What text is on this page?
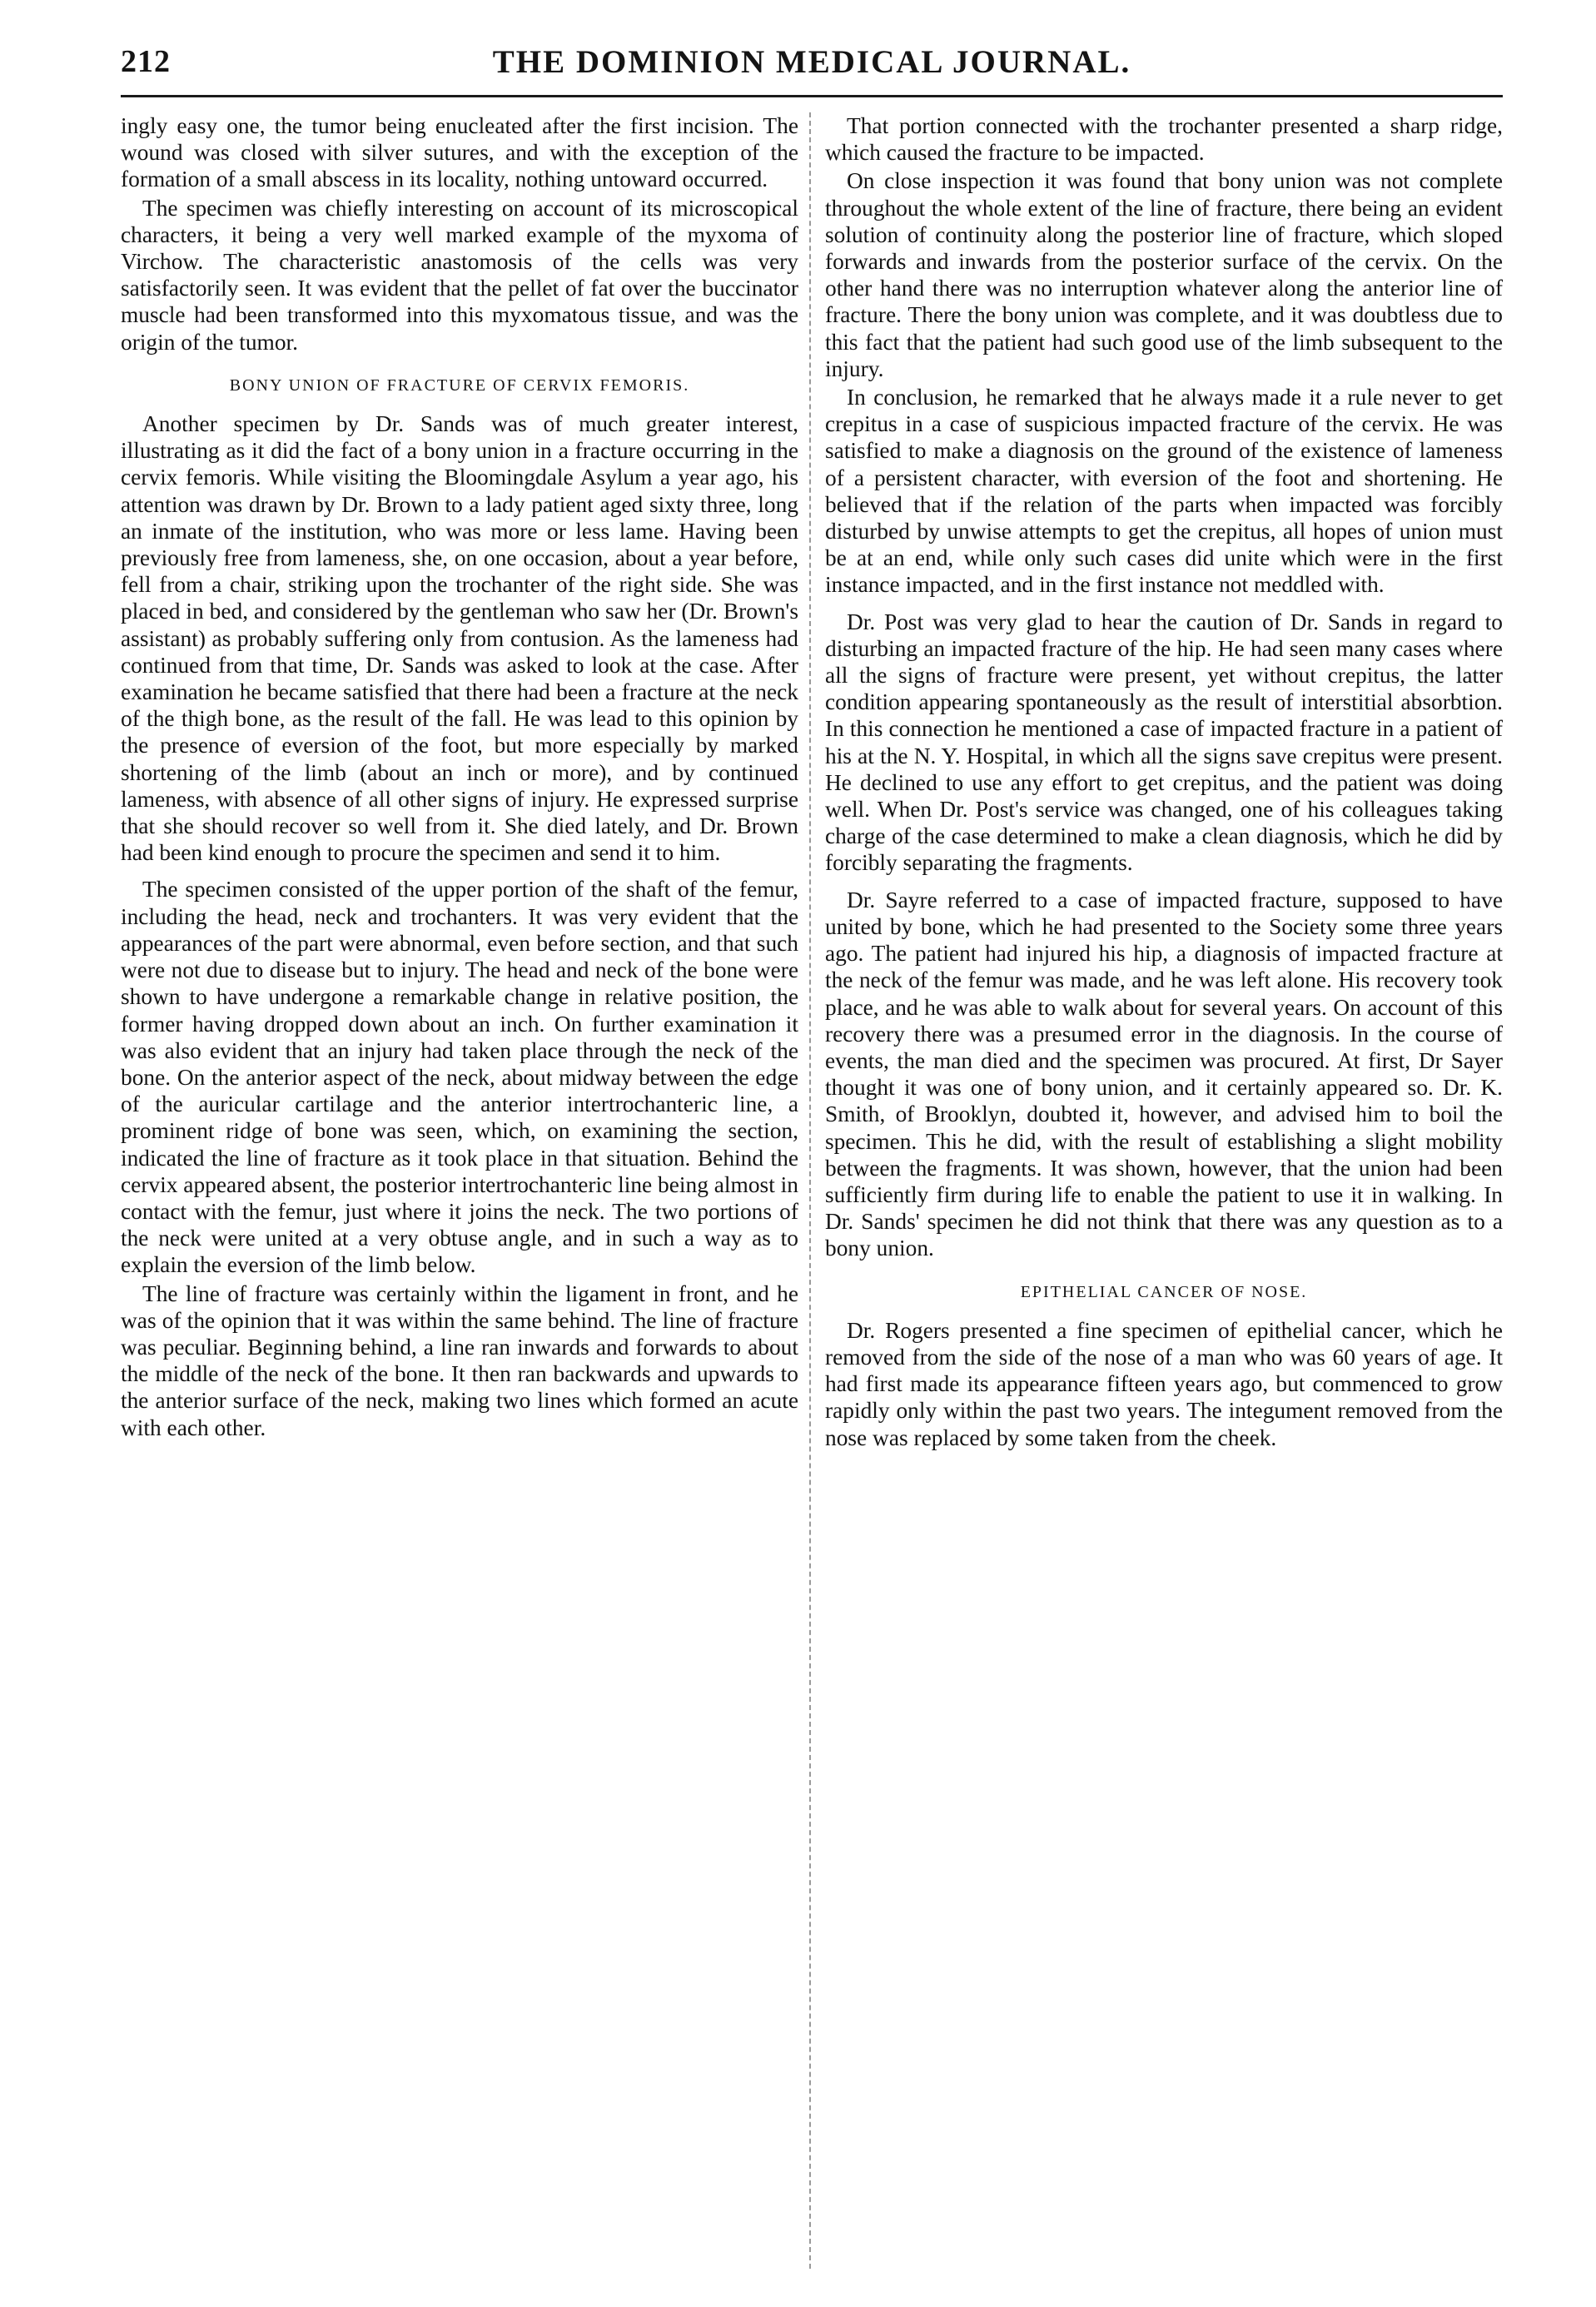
212	THE DOMINION MEDICAL JOURNAL.

ingly easy one, the tumor being enucleated after the first incision. The wound was closed with silver sutures, and with the exception of the formation of a small abscess in its locality, nothing untoward occurred.

The specimen was chiefly interesting on account of its microscopical characters, it being a very well marked example of the myxoma of Virchow. The characteristic anastomosis of the cells was very satisfactorily seen. It was evident that the pellet of fat over the buccinator muscle had been transformed into this myxomatous tissue, and was the origin of the tumor.

BONY UNION OF FRACTURE OF CERVIX FEMORIS.

Another specimen by Dr. Sands was of much greater interest, illustrating as it did the fact of a bony union in a fracture occurring in the cervix femoris. While visiting the Bloomingdale Asylum a year ago, his attention was drawn by Dr. Brown to a lady patient aged sixty three, long an inmate of the institution, who was more or less lame. Having been previously free from lameness, she, on one occasion, about a year before, fell from a chair, striking upon the trochanter of the right side. She was placed in bed, and considered by the gentleman who saw her (Dr. Brown's assistant) as probably suffering only from contusion. As the lameness had continued from that time, Dr. Sands was asked to look at the case. After examination he became satisfied that there had been a fracture at the neck of the thigh bone, as the result of the fall. He was lead to this opinion by the presence of eversion of the foot, but more especially by marked shortening of the limb (about an inch or more), and by continued lameness, with absence of all other signs of injury. He expressed surprise that she should recover so well from it. She died lately, and Dr. Brown had been kind enough to procure the specimen and send it to him.

The specimen consisted of the upper portion of the shaft of the femur, including the head, neck and trochanters. It was very evident that the appearances of the part were abnormal, even before section, and that such were not due to disease but to injury. The head and neck of the bone were shown to have undergone a remarkable change in relative position, the former having dropped down about an inch. On further examination it was also evident that an injury had taken place through the neck of the bone. On the anterior aspect of the neck, about midway between the edge of the auricular cartilage and the anterior intertrochanteric line, a prominent ridge of bone was seen, which, on examining the section, indicated the line of fracture as it took place in that situation. Behind the cervix appeared absent, the posterior intertrochanteric line being almost in contact with the femur, just where it joins the neck. The two portions of the neck were united at a very obtuse angle, and in such a way as to explain the eversion of the limb below.

The line of fracture was certainly within the ligament in front, and he was of the opinion that it was within the same behind. The line of fracture was peculiar. Beginning behind, a line ran inwards and forwards to about the middle of the neck of the bone. It then ran backwards and upwards to the anterior surface of the neck, making two lines which formed an acute with each other.

That portion connected with the trochanter presented a sharp ridge, which caused the fracture to be impacted.

On close inspection it was found that bony union was not complete throughout the whole extent of the line of fracture, there being an evident solution of continuity along the posterior line of fracture, which sloped forwards and inwards from the posterior surface of the cervix. On the other hand there was no interruption whatever along the anterior line of fracture. There the bony union was complete, and it was doubtless due to this fact that the patient had such good use of the limb subsequent to the injury.

In conclusion, he remarked that he always made it a rule never to get crepitus in a case of suspicious impacted fracture of the cervix. He was satisfied to make a diagnosis on the ground of the existence of lameness of a persistent character, with eversion of the foot and shortening. He believed that if the relation of the parts when impacted was forcibly disturbed by unwise attempts to get the crepitus, all hopes of union must be at an end, while only such cases did unite which were in the first instance impacted, and in the first instance not meddled with.

Dr. Post was very glad to hear the caution of Dr. Sands in regard to disturbing an impacted fracture of the hip. He had seen many cases where all the signs of fracture were present, yet without crepitus, the latter condition appearing spontaneously as the result of interstitial absorbtion. In this connection he mentioned a case of impacted fracture in a patient of his at the N. Y. Hospital, in which all the signs save crepitus were present. He declined to use any effort to get crepitus, and the patient was doing well. When Dr. Post's service was changed, one of his colleagues taking charge of the case determined to make a clean diagnosis, which he did by forcibly separating the fragments.

Dr. Sayre referred to a case of impacted fracture, supposed to have united by bone, which he had presented to the Society some three years ago. The patient had injured his hip, a diagnosis of impacted fracture at the neck of the femur was made, and he was left alone. His recovery took place, and he was able to walk about for several years. On account of this recovery there was a presumed error in the diagnosis. In the course of events, the man died and the specimen was procured. At first, Dr Sayer thought it was one of bony union, and it certainly appeared so. Dr. K. Smith, of Brooklyn, doubted it, however, and advised him to boil the specimen. This he did, with the result of establishing a slight mobility between the fragments. It was shown, however, that the union had been sufficiently firm during life to enable the patient to use it in walking. In Dr. Sands' specimen he did not think that there was any question as to a bony union.

EPITHELIAL CANCER OF NOSE.

Dr. Rogers presented a fine specimen of epithelial cancer, which he removed from the side of the nose of a man who was 60 years of age. It had first made its appearance fifteen years ago, but commenced to grow rapidly only within the past two years. The integument removed from the nose was replaced by some taken from the cheek.
